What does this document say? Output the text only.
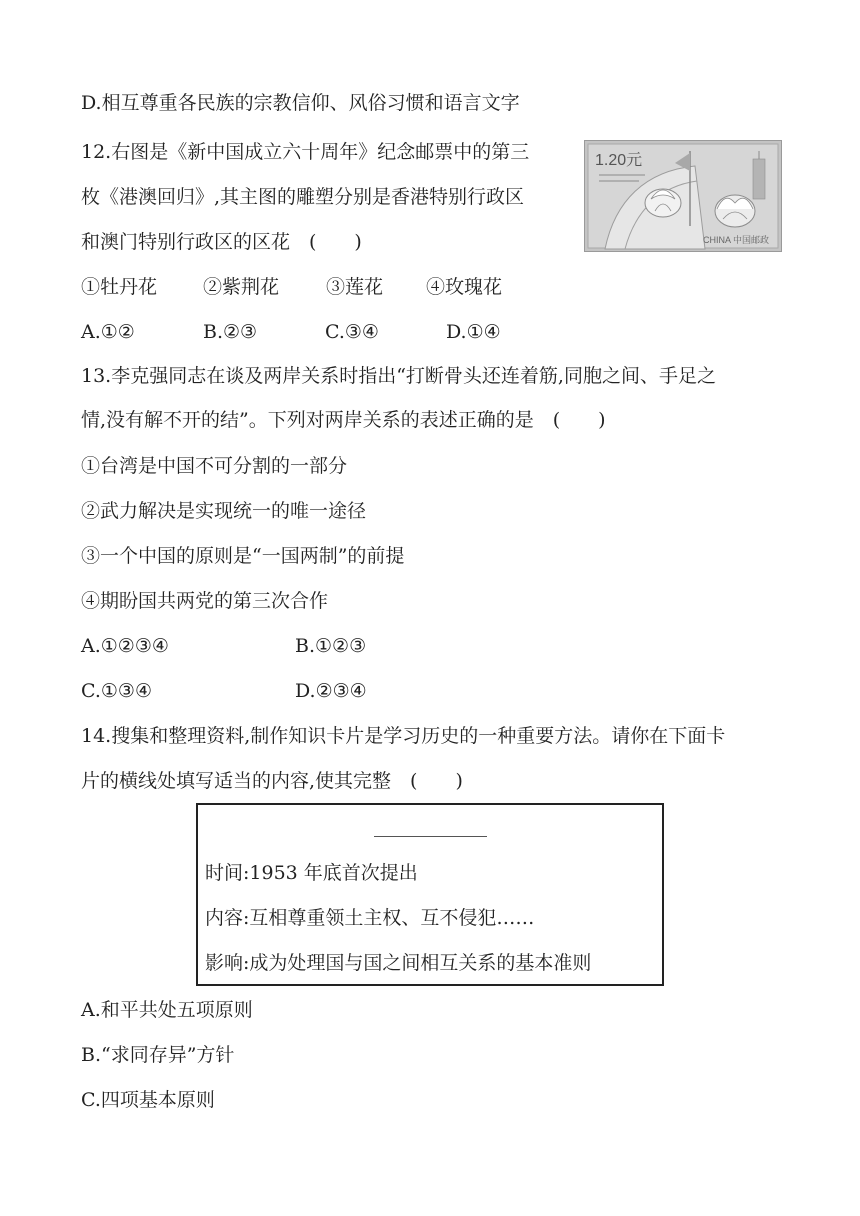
D.相互尊重各民族的宗教信仰、风俗习惯和语言文字
12.右图是《新中国成立六十周年》纪念邮票中的第三
枚《港澳回归》,其主图的雕塑分别是香港特别行政区
和澳门特别行政区的区花　(　　)
1.20元
CHINA 中国邮政
①牡丹花 ②紫荆花 ③莲花 ④玫瑰花
A.①②	B.②③	C.③④	D.①④
13.李克强同志在谈及两岸关系时指出“打断骨头还连着筋,同胞之间、手足之
情,没有解不开的结”。下列对两岸关系的表述正确的是　(　　)
①台湾是中国不可分割的一部分
②武力解决是实现统一的唯一途径
③一个中国的原则是“一国两制”的前提
④期盼国共两党的第三次合作
A.①②③④	B.①②③
C.①③④	D.②③④
14.搜集和整理资料,制作知识卡片是学习历史的一种重要方法。请你在下面卡
片的横线处填写适当的内容,使其完整　(　　)
时间:1953 年底首次提出
内容:互相尊重领土主权、互不侵犯……
影响:成为处理国与国之间相互关系的基本准则
A.和平共处五项原则
B.“求同存异”方针
C.四项基本原则
